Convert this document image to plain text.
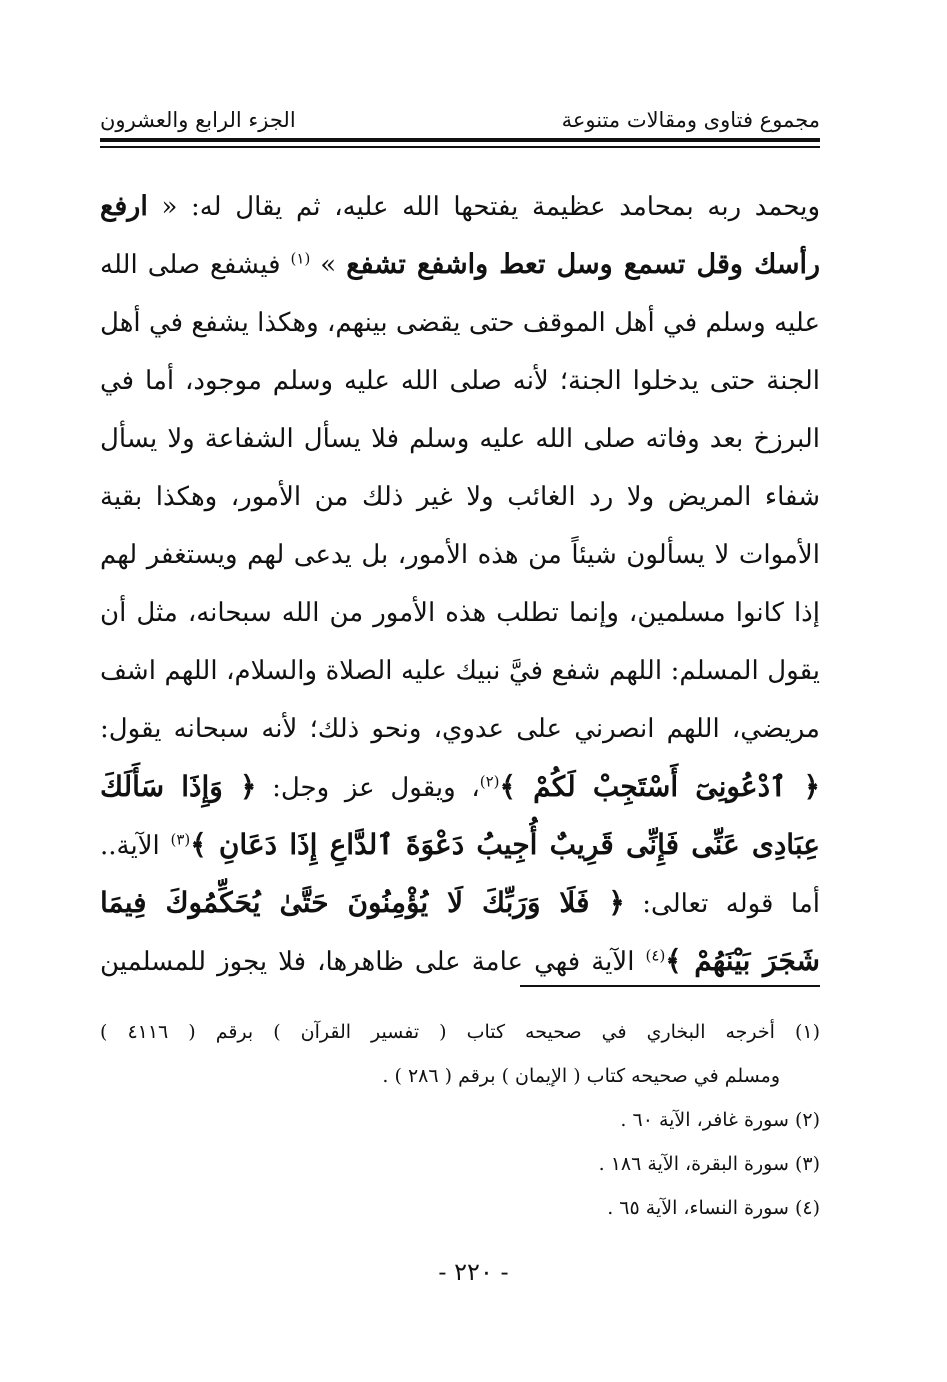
مجموع فتاوى ومقالات متنوعة
الجزء الرابع والعشرون
ويحمد ربه بمحامد عظيمة يفتحها الله عليه، ثم يقال له: « ارفع
رأسك وقل تسمع وسل تعط واشفع تشفع » $^{(١)}$ فيشفع صلى الله
عليه وسلم في أهل الموقف حتى يقضى بينهم، وهكذا يشفع في أهل
الجنة حتى يدخلوا الجنة؛ لأنه صلى الله عليه وسلم موجود، أما في
البرزخ بعد وفاته صلى الله عليه وسلم فلا يسأل الشفاعة ولا يسأل
شفاء المريض ولا رد الغائب ولا غير ذلك من الأمور، وهكذا بقية
الأموات لا يسألون شيئاً من هذه الأمور، بل يدعى لهم ويستغفر لهم
إذا كانوا مسلمين، وإنما تطلب هذه الأمور من الله سبحانه، مثل أن
يقول المسلم: اللهم شفع فيَّ نبيك عليه الصلاة والسلام، اللهم اشف
مريضي، اللهم انصرني على عدوي، ونحو ذلك؛ لأنه سبحانه يقول:
﴿ ٱدْعُونِىٓ أَسْتَجِبْ لَكُمْ ﴾$^{(٢)}$، ويقول عز وجل: ﴿ وَإِذَا سَأَلَكَ
عِبَادِى عَنِّى فَإِنِّى قَرِيبٌ أُجِيبُ دَعْوَةَ ٱلدَّاعِ إِذَا دَعَانِ ﴾$^{(٣)}$ الآية..
أما قوله تعالى: ﴿ فَلَا وَرَبِّكَ لَا يُؤْمِنُونَ حَتَّىٰ يُحَكِّمُوكَ فِيمَا
شَجَرَ بَيْنَهُمْ ﴾$^{(٤)}$ الآية فهي عامة على ظاهرها، فلا يجوز للمسلمين
(١) أخرجه البخاري في صحيحه كتاب ( تفسير القرآن ) برقم ( ٤١١٦ )
ومسلم في صحيحه كتاب ( الإيمان ) برقم ( ٢٨٦ ) .
(٢) سورة غافر، الآية ٦٠ .
(٣) سورة البقرة، الآية ١٨٦ .
(٤) سورة النساء، الآية ٦٥ .
- ٢٢٠ -
